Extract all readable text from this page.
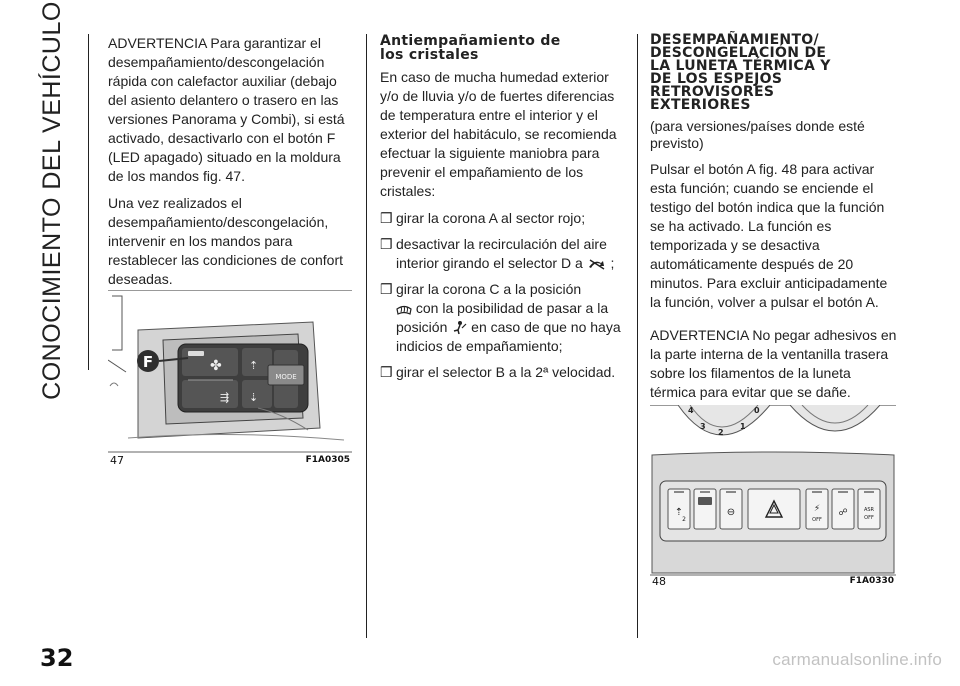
CONOCIMIENTO DEL VEHÍCULO	ADVERTENCIA Para garantizar el desempañamiento/descongelación rápida con calefactor auxiliar (debajo del asiento delantero o trasero en las versiones Panorama y Combi), si está activado, desactivarlo con el botón F (LED apagado) situado en la moldura de los mandos fig. 47.

Una vez realizados el desempañamiento/descongelación, intervenir en los mandos para restablecer las condiciones de confort deseadas.

✤ ⇡
⇶ ⇣
MODE
F
47	F1A0305
Antiempañamiento de
los cristales

En caso de mucha humedad exterior y/o de lluvia y/o de fuertes diferencias de temperatura entre el interior y el exterior del habitáculo, se recomienda efectuar la siguiente maniobra para prevenir el empañamiento de los cristales:

❒ girar la corona A al sector rojo;
❒ desactivar la recirculación del aire interior girando el selector D a ;
❒ girar la corona C a la posición
con la posibilidad de pasar a la posición en caso de que no haya indicios de empañamiento;
❒ girar el selector B a la 2ª velocidad.
DESEMPAÑAMIENTO/
DESCONGELACIÓN DE
LA LUNETA TÉRMICA Y
DE LOS ESPEJOS
RETROVISORES
EXTERIORES

(para versiones/países donde esté previsto)

Pulsar el botón A fig. 48 para activar esta función; cuando se enciende el testigo del botón indica que la función se ha activado. La función es temporizada y se desactiva automáticamente después de 20 minutos. Para excluir anticipadamente la función, volver a pulsar el botón A.

ADVERTENCIA No pegar adhesivos en la parte interna de la ventanilla trasera sobre los filamentos de la luneta térmica para evitar que se dañe.

4
3
2
1
0
⇡
2
⊖	⚡
OFF
☍	ASR
OFF
48	F1A0330
32	carmanualsonline.info
